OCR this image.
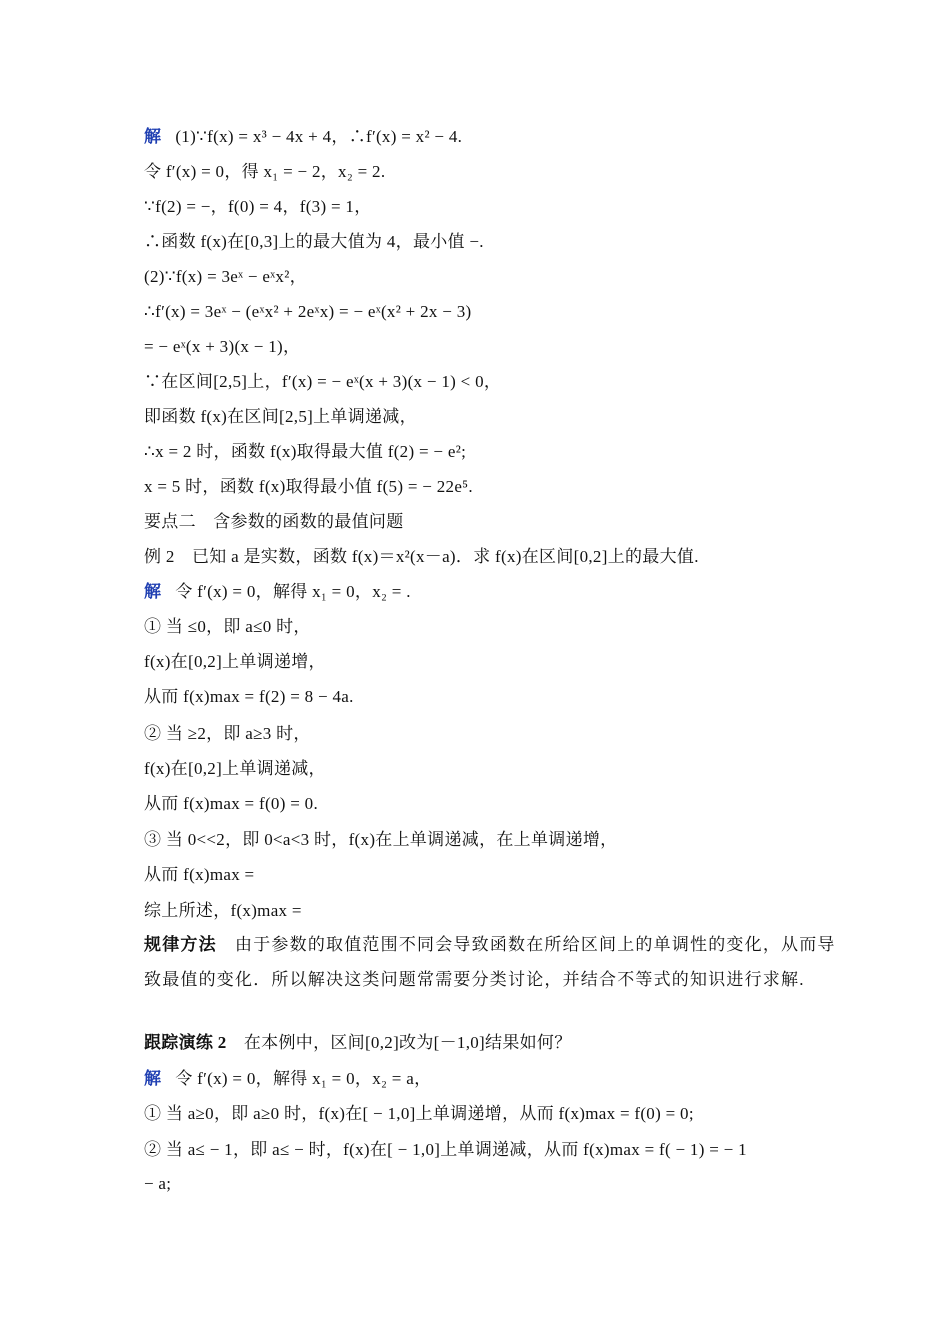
解 (1)∵f(x) = x³ − 4x + 4，∴f′(x) = x² − 4.
令 f′(x) = 0，得 x₁ = − 2，x₂ = 2.
∵f(2) = −，f(0) = 4，f(3) = 1，
∴函数 f(x)在[0,3]上的最大值为 4，最小值 −.
(2)∵f(x) = 3eˣ − eˣx²，
∴f′(x) = 3eˣ − (eˣx² + 2eˣx) = − eˣ(x² + 2x − 3)
= − eˣ(x + 3)(x − 1)，
∵在区间[2,5]上，f′(x) = − eˣ(x + 3)(x − 1) < 0，
即函数 f(x)在区间[2,5]上单调递减，
∴x = 2 时，函数 f(x)取得最大值 f(2) = − e²;
x = 5 时，函数 f(x)取得最小值 f(5) = − 22e⁵.
要点二　含参数的函数的最值问题
例 2　已知 a 是实数，函数 f(x)＝x²(x－a)．求 f(x)在区间[0,2]上的最大值.
解 令 f′(x) = 0，解得 x₁ = 0，x₂ = .
① 当 ≤0，即 a≤0 时，
f(x)在[0,2]上单调递增，
从而 f(x)max = f(2) = 8 − 4a.
② 当 ≥2，即 a≥3 时，
f(x)在[0,2]上单调递减，
从而 f(x)max = f(0) = 0.
③ 当 0<<2，即 0<a<3 时，f(x)在上单调递减，在上单调递增，
从而 f(x)max =
综上所述，f(x)max =
规律方法　 由于参数的取值范围不同会导致函数在所给区间上的单调性的变化，从而导致最值的变化．所以解决这类问题常需要分类讨论，并结合不等式的知识进行求解.
跟踪演练 2　 在本例中，区间[0,2]改为[－1,0]结果如何？
解 令 f′(x) = 0，解得 x₁ = 0，x₂ = a，
① 当 a≥0，即 a≥0 时，f(x)在[ − 1,0]上单调递增，从而 f(x)max = f(0) = 0;
② 当 a≤ − 1，即 a≤ − 时，f(x)在[ − 1,0]上单调递减，从而 f(x)max = f( − 1) = − 1
− a;
